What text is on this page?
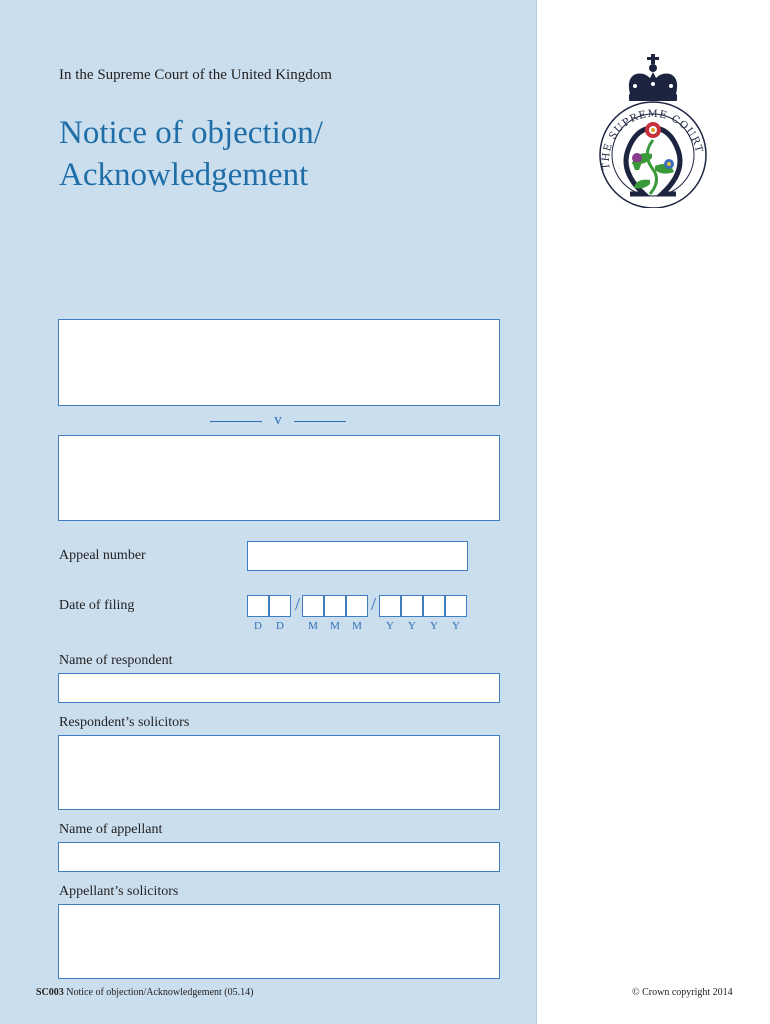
In the Supreme Court of the United Kingdom
Notice of objection/
Acknowledgement	THE SUPREME COURT
v
Appeal number
Date of filing	/	/
D	D	M	M	M	Y	Y	Y	Y
Name of respondent
Respondent’s solicitors
Name of appellant
Appellant’s solicitors
SC003 Notice of objection/Acknowledgement (05.14)	© Crown copyright 2014
